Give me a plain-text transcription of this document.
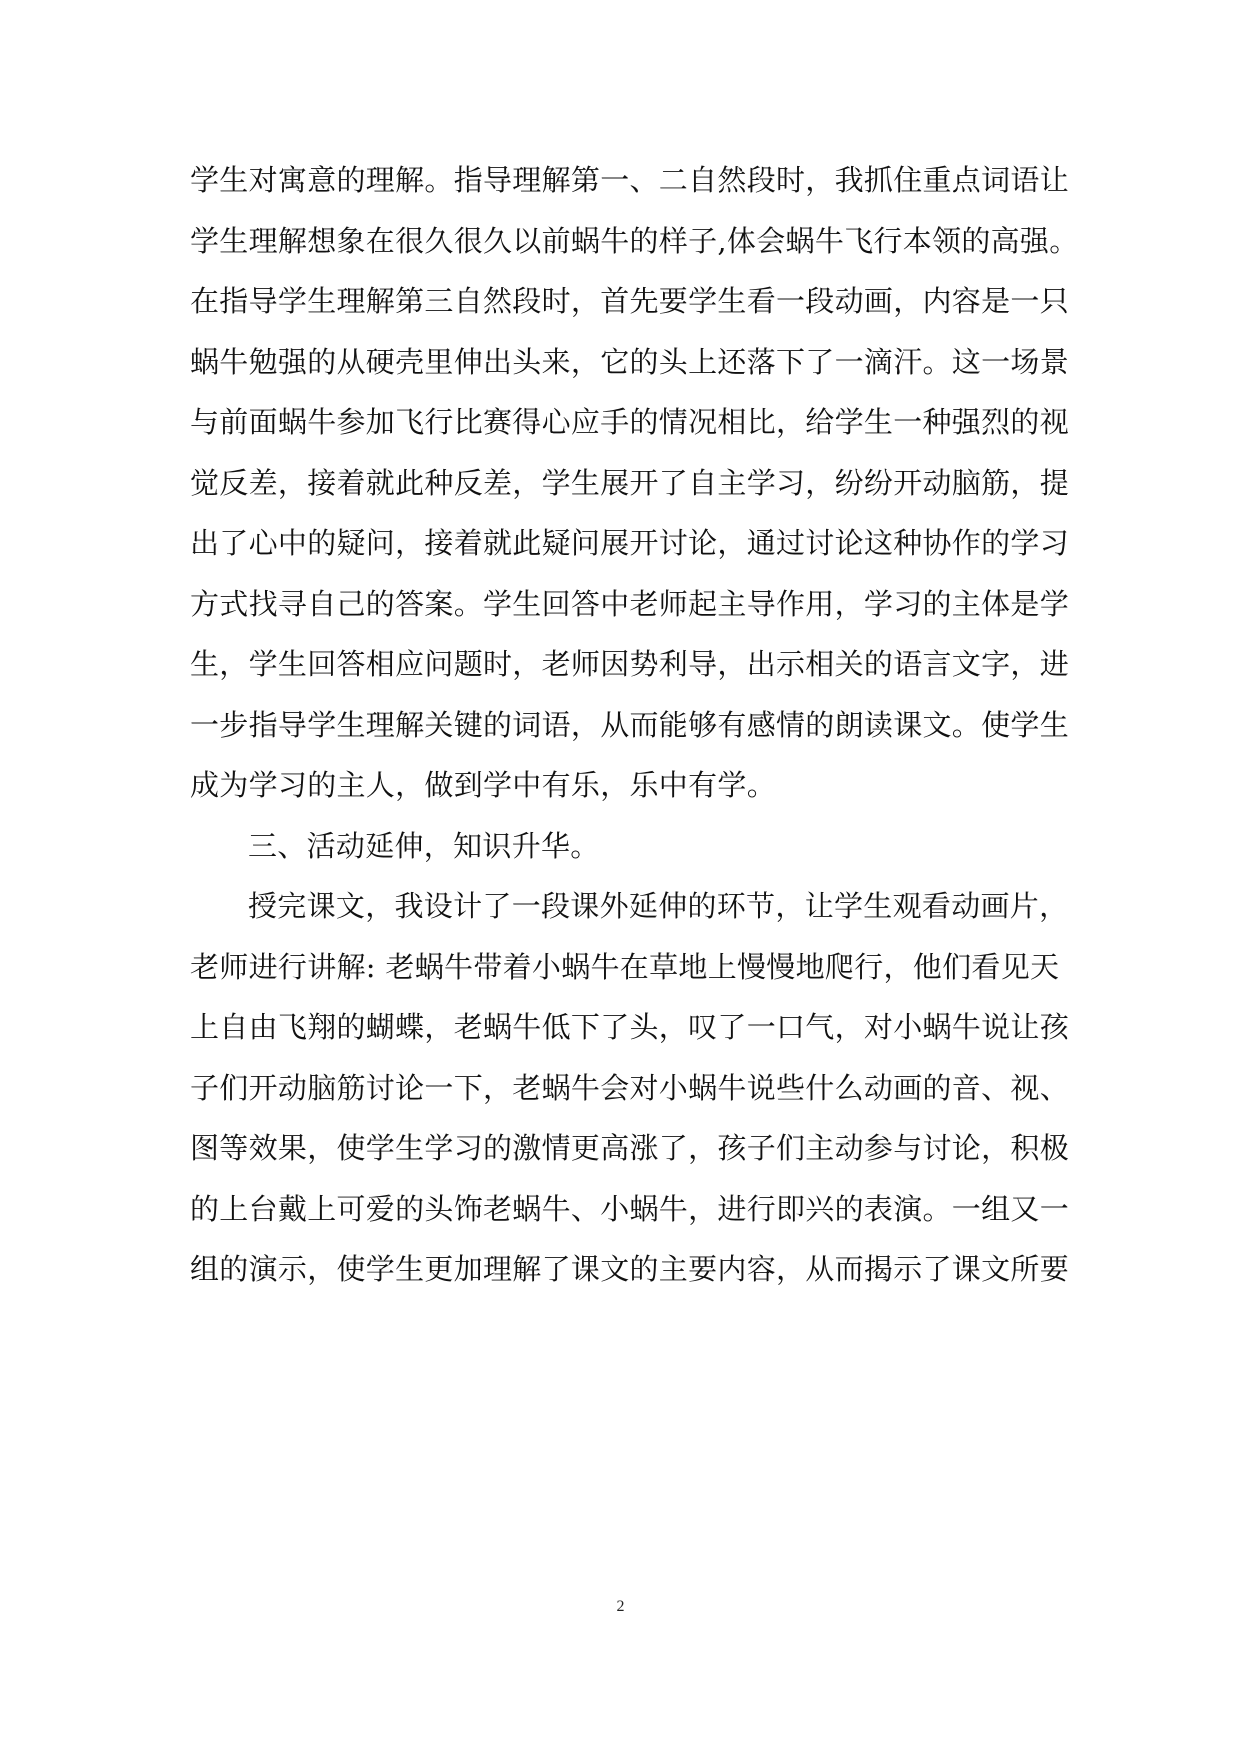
学生对寓意的理解。指导理解第一、二自然段时，我抓住重点词语让
学生理解想象在很久很久以前蜗牛的样子,体会蜗牛飞行本领的高强。
在指导学生理解第三自然段时，首先要学生看一段动画，内容是一只
蜗牛勉强的从硬壳里伸出头来，它的头上还落下了一滴汗。这一场景
与前面蜗牛参加飞行比赛得心应手的情况相比，给学生一种强烈的视
觉反差，接着就此种反差，学生展开了自主学习，纷纷开动脑筋，提
出了心中的疑问，接着就此疑问展开讨论，通过讨论这种协作的学习
方式找寻自己的答案。学生回答中老师起主导作用，学习的主体是学
生，学生回答相应问题时，老师因势利导，出示相关的语言文字，进
一步指导学生理解关键的词语，从而能够有感情的朗读课文。使学生
成为学习的主人，做到学中有乐，乐中有学。
三、活动延伸，知识升华。
授完课文，我设计了一段课外延伸的环节，让学生观看动画片，
老师进行讲解: 老蜗牛带着小蜗牛在草地上慢慢地爬行，他们看见天
上自由飞翔的蝴蝶，老蜗牛低下了头，叹了一口气，对小蜗牛说让孩
子们开动脑筋讨论一下，老蜗牛会对小蜗牛说些什么动画的音、视、
图等效果，使学生学习的激情更高涨了，孩子们主动参与讨论，积极
的上台戴上可爱的头饰老蜗牛、小蜗牛，进行即兴的表演。一组又一
组的演示，使学生更加理解了课文的主要内容，从而揭示了课文所要
2
